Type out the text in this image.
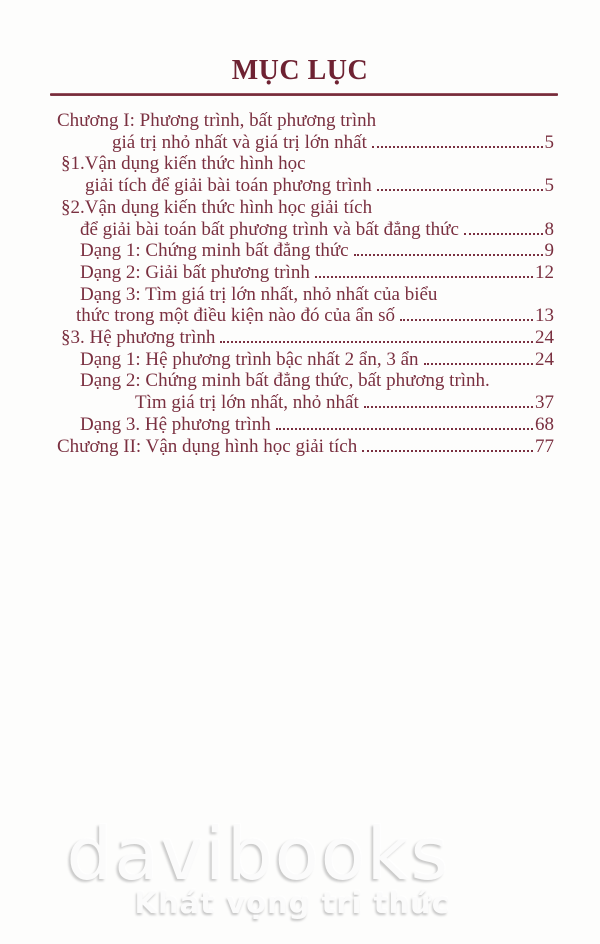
MỤC LỤC
Chương I: Phương trình, bất phương trình
giá trị nhỏ nhất và giá trị lớn nhất	5
§1.Vận dụng kiến thức hình học
giải tích để giải bài toán phương trình	5
§2.Vận dụng kiến thức hình học giải tích
để giải bài toán bất phương trình và bất đẳng thức	8
Dạng 1: Chứng minh bất đẳng thức	9
Dạng 2: Giải bất phương trình	12
Dạng 3: Tìm giá trị lớn nhất, nhỏ nhất của biểu
thức trong một điều kiện nào đó của ẩn số	13
§3. Hệ phương trình	24
Dạng 1: Hệ phương trình bậc nhất 2 ẩn, 3 ẩn	24
Dạng 2: Chứng minh bất đẳng thức, bất phương trình.
Tìm giá trị lớn nhất, nhỏ nhất	37
Dạng 3. Hệ phương trình	68
Chương II: Vận dụng hình học giải tích	77
davibooks
Khát vọng tri thức
